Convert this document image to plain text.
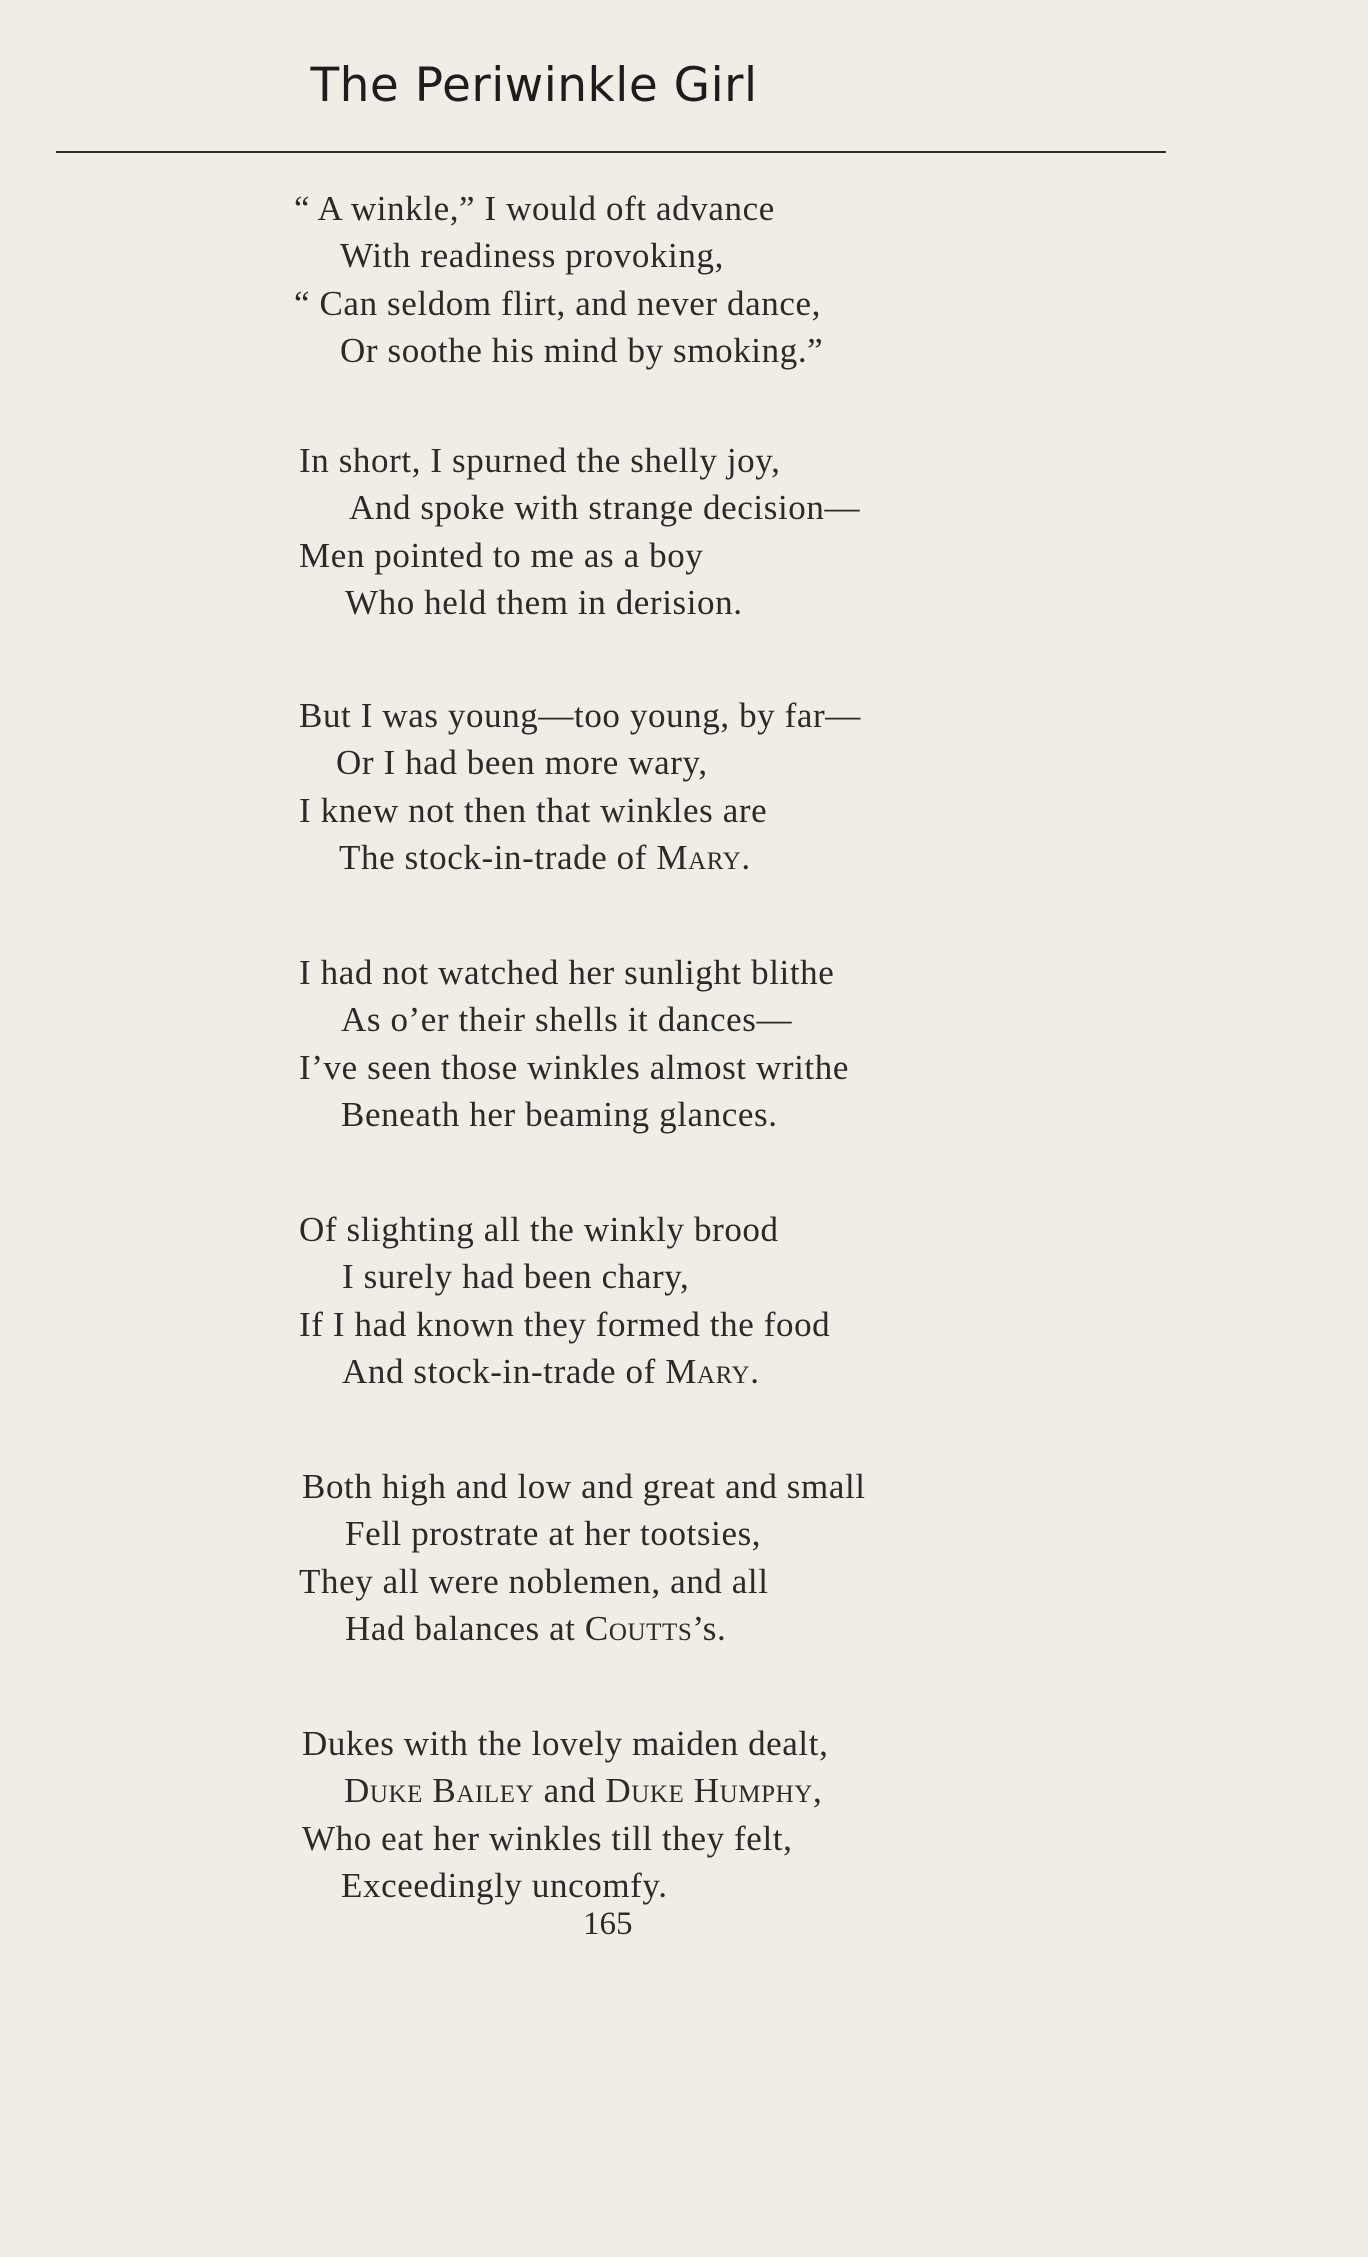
The Periwinkle Girl
“ A winkle,” I would oft advance
With readiness provoking,
“ Can seldom flirt, and never dance,
Or soothe his mind by smoking.”
In short, I spurned the shelly joy,
And spoke with strange decision—
Men pointed to me as a boy
Who held them in derision.
But I was young—too young, by far—
Or I had been more wary,
I knew not then that winkles are
The stock-in-trade of Mary.
I had not watched her sunlight blithe
As o’er their shells it dances—
I’ve seen those winkles almost writhe
Beneath her beaming glances.
Of slighting all the winkly brood
I surely had been chary,
If I had known they formed the food
And stock-in-trade of Mary.
Both high and low and great and small
Fell prostrate at her tootsies,
They all were noblemen, and all
Had balances at Coutts’s.
Dukes with the lovely maiden dealt,
Duke Bailey and Duke Humphy,
Who eat her winkles till they felt,
Exceedingly uncomfy.
165
